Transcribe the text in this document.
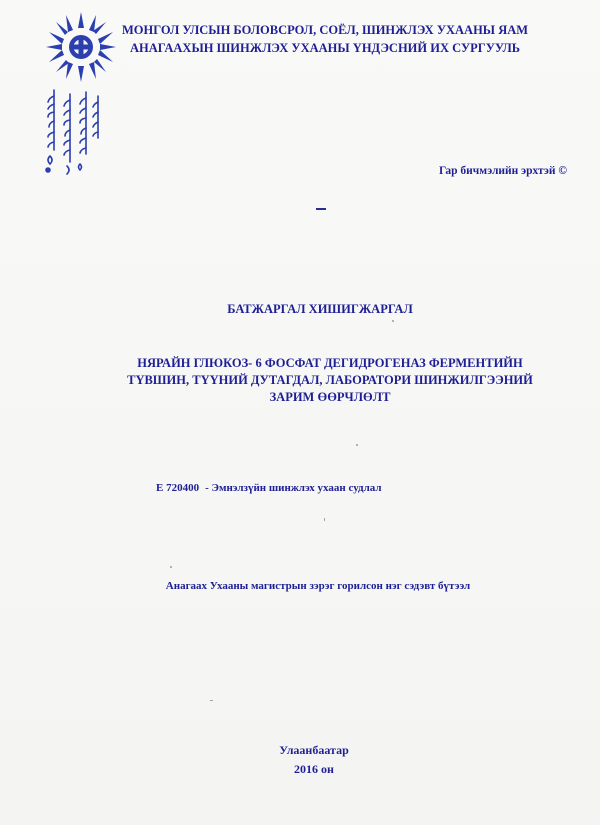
МОНГОЛ УЛСЫН БОЛОВСРОЛ, СОЁЛ, ШИНЖЛЭХ УХААНЫ ЯАМ
АНАГААХЫН ШИНЖЛЭХ УХААНЫ ҮНДЭСНИЙ ИХ СУРГУУЛЬ
Гар бичмэлийн эрхтэй ©
БАТЖАРГАЛ ХИШИГЖАРГАЛ
НЯРАЙН ГЛЮКОЗ- 6 ФОСФАТ ДЕГИДРОГЕНАЗ ФЕРМЕНТИЙН
ТҮВШИН, ТҮҮНИЙ ДУТАГДАЛ, ЛАБОРАТОРИ ШИНЖИЛГЭЭНИЙ
ЗАРИМ ӨӨРЧЛӨЛТ
Е 720400 - Эмнэлзүйн шинжлэх ухаан судлал
Анагаах Ухааны магистрын зэрэг горилсон нэг сэдэвт бүтээл
Улаанбаатар
2016 он
